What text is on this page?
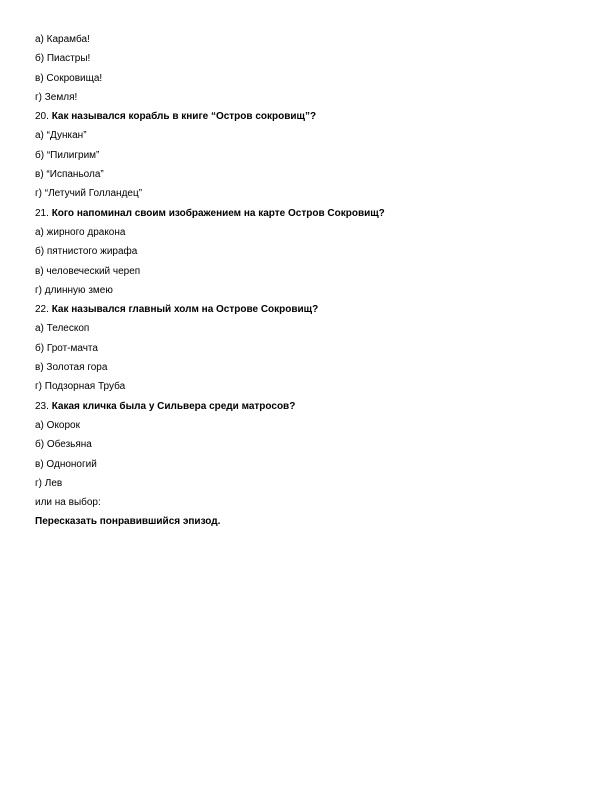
а) Карамба!
б) Пиастры!
в) Сокровища!
г) Земля!
20. Как назывался корабль в книге “Остров сокровищ”?
а) “Дункан”
б) “Пилигрим”
в) “Испаньола”
г) “Летучий Голландец”
21. Кого напоминал своим изображением на карте Остров Сокровищ?
а) жирного дракона
б) пятнистого жирафа
в) человеческий череп
г) длинную змею
22. Как назывался главный холм на Острове Сокровищ?
а) Телескоп
б) Грот-мачта
в) Золотая гора
г) Подзорная Труба
23. Какая кличка была у Сильвера среди матросов?
а) Окорок
б) Обезьяна
в) Одноногий
г) Лев
или на выбор:
Пересказать понравившийся эпизод.
